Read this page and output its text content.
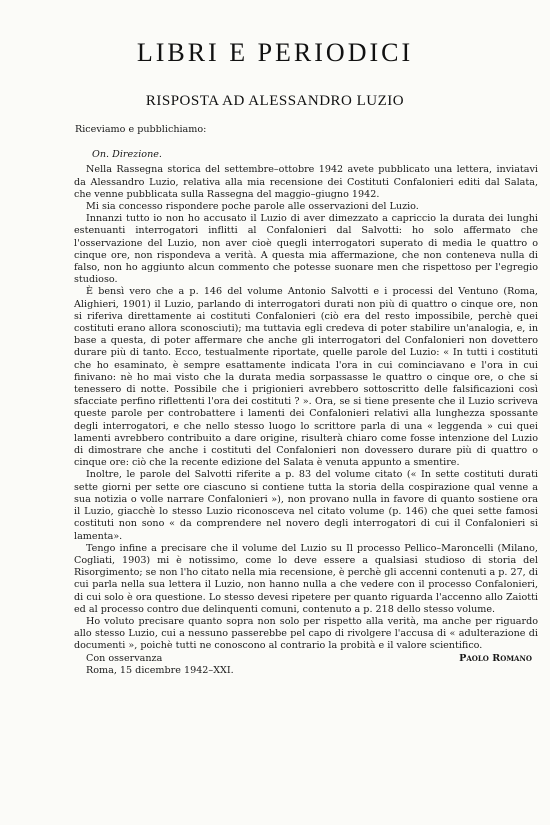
LIBRI E PERIODICI
RISPOSTA AD ALESSANDRO LUZIO

Riceviamo e pubblichiamo:

On. Direzione.

Nella Rassegna storica del settembre–ottobre 1942 avete pubblicato una lettera, inviatavi da Alessandro Luzio, relativa alla mia recensione dei Costituti Confalonieri editi dal Salata, che venne pubblicata sulla Rassegna del maggio–giugno 1942.

Mi sia concesso rispondere poche parole alle osservazioni del Luzio.

Innanzi tutto io non ho accusato il Luzio di aver dimezzato a capriccio la durata dei lunghi estenuanti interrogatori inflitti al Confalonieri dal Salvotti: ho solo affermato che l'osservazione del Luzio, non aver cioè quegli interrogatori superato di media le quattro o cinque ore, non rispondeva a verità. A questa mia affermazione, che non conteneva nulla di falso, non ho aggiunto alcun commento che potesse suonare men che rispettoso per l'egregio studioso.

È bensì vero che a p. 146 del volume Antonio Salvotti e i processi del Ventuno (Roma, Alighieri, 1901) il Luzio, parlando di interrogatori durati non più di quattro o cinque ore, non si riferiva direttamente ai costituti Confalonieri (ciò era del resto impossibile, perchè quei costituti erano allora sconosciuti); ma tuttavia egli credeva di poter stabilire un'analogia, e, in base a questa, di poter affermare che anche gli interrogatori del Confalonieri non dovettero durare più di tanto. Ecco, testualmente riportate, quelle parole del Luzio: « In tutti i costituti che ho esaminato, è sempre esattamente indicata l'ora in cui cominciavano e l'ora in cui finivano: nè ho mai visto che la durata media sorpassasse le quattro o cinque ore, o che si tenessero di notte. Possibile che i prigionieri avrebbero sottoscritto delle falsificazioni così sfacciate perfino riflettenti l'ora dei costituti ? ». Ora, se si tiene presente che il Luzio scriveva queste parole per controbattere i lamenti dei Confalonieri relativi alla lunghezza spossante degli interrogatori, e che nello stesso luogo lo scrittore parla di una « leggenda » cui quei lamenti avrebbero contribuito a dare origine, risulterà chiaro come fosse intenzione del Luzio di dimostrare che anche i costituti del Confalonieri non dovessero durare più di quattro o cinque ore: ciò che la recente edizione del Salata è venuta appunto a smentire.

Inoltre, le parole del Salvotti riferite a p. 83 del volume citato (« In sette costituti durati sette giorni per sette ore ciascuno si contiene tutta la storia della cospirazione qual venne a sua notizia o volle narrare Confalonieri »), non provano nulla in favore di quanto sostiene ora il Luzio, giacchè lo stesso Luzio riconosceva nel citato volume (p. 146) che quei sette famosi costituti non sono « da comprendere nel novero degli interrogatori di cui il Confalonieri si lamenta».

Tengo infine a precisare che il volume del Luzio su Il processo Pellico–Maroncelli (Milano, Cogliati, 1903) mi è notissimo, come lo deve essere a qualsiasi studioso di storia del Risorgimento; se non l'ho citato nella mia recensione, è perchè gli accenni contenuti a p. 27, di cui parla nella sua lettera il Luzio, non hanno nulla a che vedere con il processo Confalonieri, di cui solo è ora questione. Lo stesso devesi ripetere per quanto riguarda l'accenno allo Zaiotti ed al processo contro due delinquenti comuni, contenuto a p. 218 dello stesso volume.

Ho voluto precisare quanto sopra non solo per rispetto alla verità, ma anche per riguardo allo stesso Luzio, cui a nessuno passerebbe pel capo di rivolgere l'accusa di « adulterazione di documenti », poichè tutti ne conoscono al contrario la probità e il valore scientifico.

Con osservanza	Paolo Romano

Roma, 15 dicembre 1942–XXI.
